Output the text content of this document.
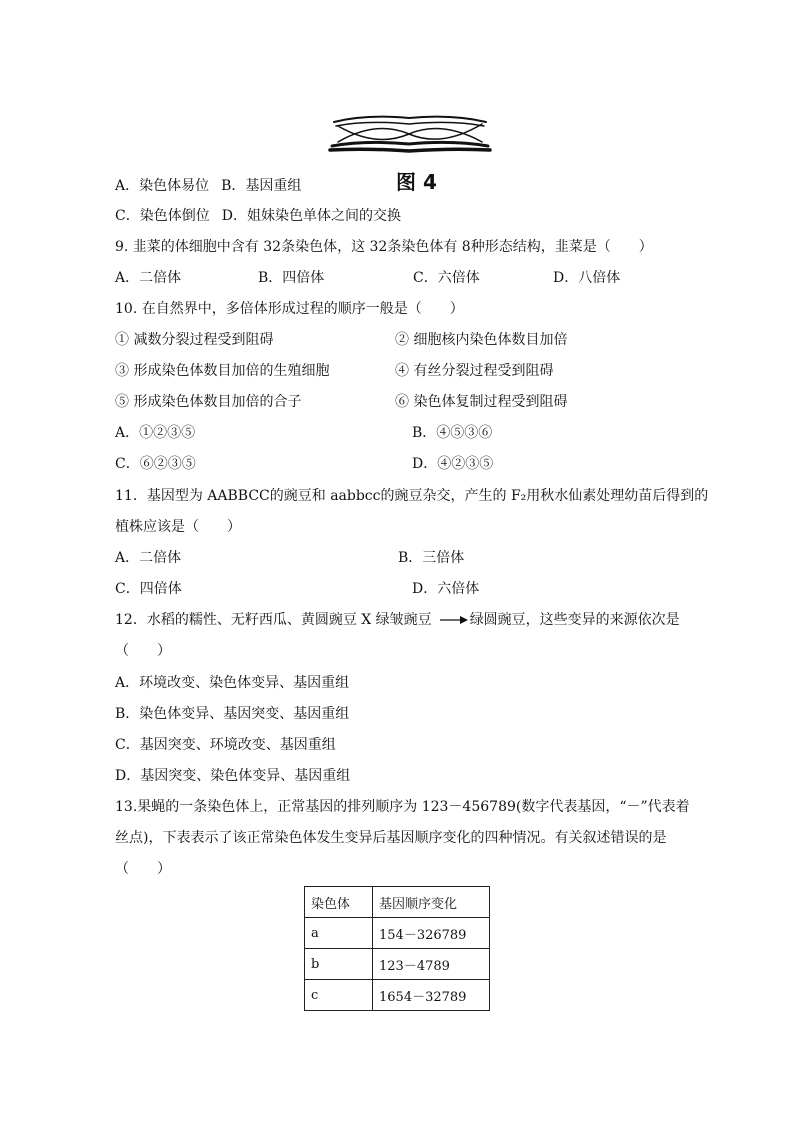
图 4
A．染色体易位 B．基因重组
C．染色体倒位 D．姐妹染色单体之间的交换
9. 韭菜的体细胞中含有 32条染色体，这 32条染色体有 8种形态结构，韭菜是（　　）
A．二倍体	B．四倍体	C．六倍体	D．八倍体
10. 在自然界中，多倍体形成过程的顺序一般是（　　）
① 减数分裂过程受到阻碍	② 细胞核内染色体数目加倍
③ 形成染色体数目加倍的生殖细胞	④ 有丝分裂过程受到阻碍
⑤ 形成染色体数目加倍的合子	⑥ 染色体复制过程受到阻碍
A．①②③⑤	B．④⑤③⑥
C．⑥②③⑤	D．④②③⑤
11．基因型为 AABBCC的豌豆和 aabbcc的豌豆杂交，产生的 F₂用秋水仙素处理幼苗后得到的
植株应该是（　　）
A．二倍体	B．三倍体
C．四倍体	D．六倍体
12．水稻的糯性、无籽西瓜、黄圆豌豆 X 绿皱豌豆	绿圆豌豆，这些变异的来源依次是
（　　）
A．环境改变、染色体变异、基因重组
B．染色体变异、基因突变、基因重组
C．基因突变、环境改变、基因重组
D．基因突变、染色体变异、基因重组
13.果蝇的一条染色体上，正常基因的排列顺序为 123－456789(数字代表基因，“－”代表着
丝点)，下表表示了该正常染色体发生变异后基因顺序变化的四种情况。有关叙述错误的是
（　　）
染色体	基因顺序变化
a	154－326789
b	123－4789
c	1654－32789
